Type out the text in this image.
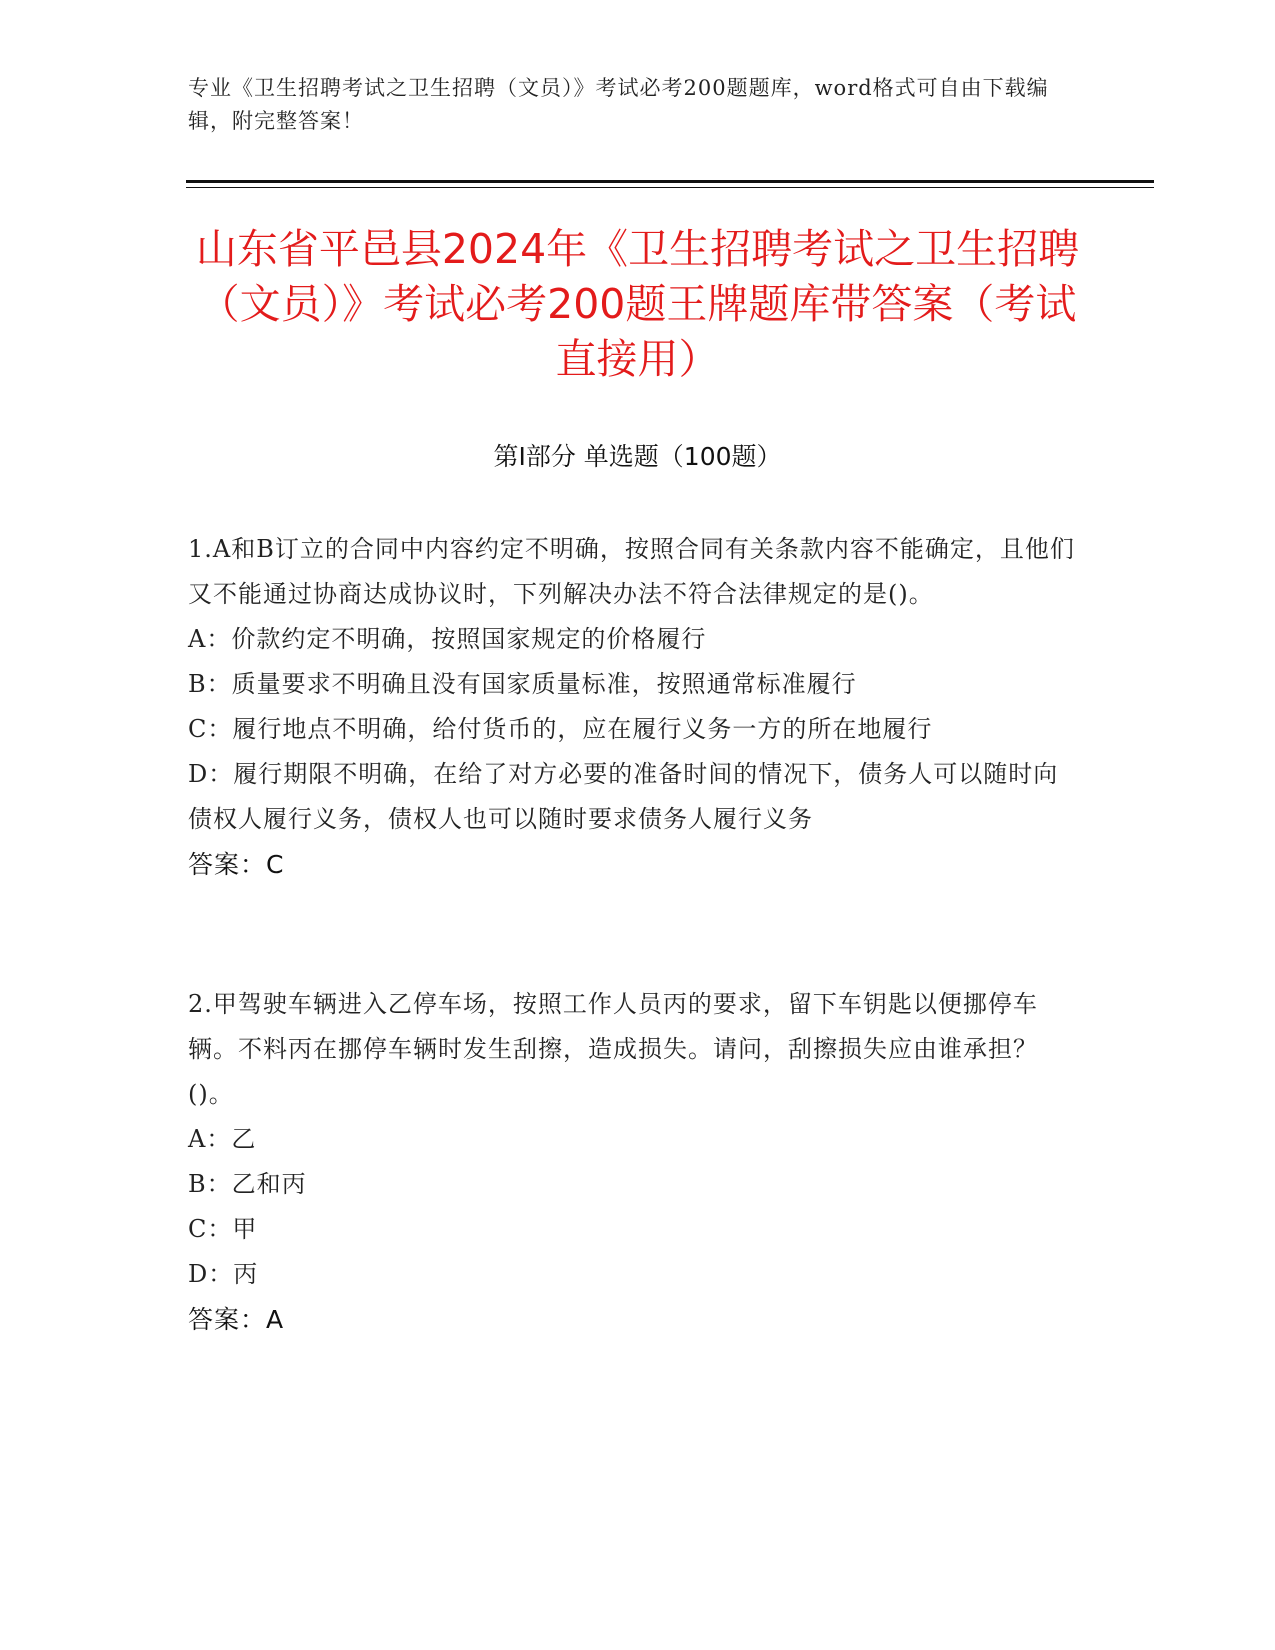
专业《卫生招聘考试之卫生招聘（文员）》考试必考200题题库，word格式可自由下载编辑，附完整答案！
山东省平邑县2024年《卫生招聘考试之卫生招聘（文员）》考试必考200题王牌题库带答案（考试直接用）
第Ⅰ部分 单选题（100题）
1.A和B订立的合同中内容约定不明确，按照合同有关条款内容不能确定，且他们又不能通过协商达成协议时，下列解决办法不符合法律规定的是()。
A：价款约定不明确，按照国家规定的价格履行
B：质量要求不明确且没有国家质量标准，按照通常标准履行
C：履行地点不明确，给付货币的，应在履行义务一方的所在地履行
D：履行期限不明确，在给了对方必要的准备时间的情况下，债务人可以随时向债权人履行义务，债权人也可以随时要求债务人履行义务
答案：C
2.甲驾驶车辆进入乙停车场，按照工作人员丙的要求，留下车钥匙以便挪停车辆。不料丙在挪停车辆时发生刮擦，造成损失。请问，刮擦损失应由谁承担？()。
A：乙
B：乙和丙
C：甲
D：丙
答案：A
